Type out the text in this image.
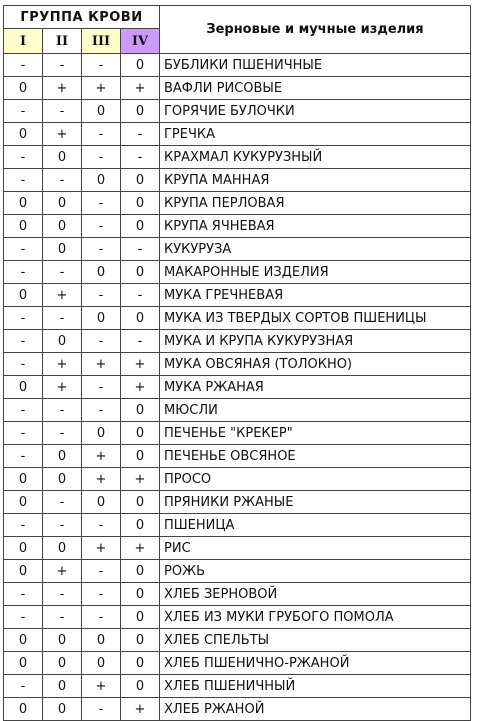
ГРУППА КРОВИ				Зерновые и мучные изделия
I	II	III	IV	
-	-	-	0	БУБЛИКИ ПШЕНИЧНЫЕ
0	+	+	+	ВАФЛИ РИСОВЫЕ
-	-	0	0	ГОРЯЧИЕ БУЛОЧКИ
0	+	-	-	ГРЕЧКА
-	0	-	-	КРАХМАЛ КУКУРУЗНЫЙ
-	-	0	0	КРУПА МАННАЯ
0	0	-	0	КРУПА ПЕРЛОВАЯ
0	0	-	0	КРУПА ЯЧНЕВАЯ
-	0	-	-	КУКУРУЗА
-	-	0	0	МАКАРОННЫЕ ИЗДЕЛИЯ
0	+	-	-	МУКА ГРЕЧНЕВАЯ
-	-	0	0	МУКА ИЗ ТВЕРДЫХ СОРТОВ ПШЕНИЦЫ
-	0	-	-	МУКА И КРУПА КУКУРУЗНАЯ
-	+	+	+	МУКА ОВСЯНАЯ (ТОЛОКНО)
0	+	-	+	МУКА РЖАНАЯ
-	-	-	0	МЮСЛИ
-	-	0	0	ПЕЧЕНЬЕ "КРЕКЕР"
-	0	+	0	ПЕЧЕНЬЕ ОВСЯНОЕ
0	0	+	+	ПРОСО
0	-	0	0	ПРЯНИКИ РЖАНЫЕ
-	-	-	0	ПШЕНИЦА
0	0	+	+	РИС
0	+	-	0	РОЖЬ
-	-	-	0	ХЛЕБ ЗЕРНОВОЙ
-	-	-	0	ХЛЕБ ИЗ МУКИ ГРУБОГО ПОМОЛА
0	0	0	0	ХЛЕБ СПЕЛЬТЫ
0	0	0	0	ХЛЕБ ПШЕНИЧНО-РЖАНОЙ
-	0	+	0	ХЛЕБ ПШЕНИЧНЫЙ
0	0	-	+	ХЛЕБ РЖАНОЙ
